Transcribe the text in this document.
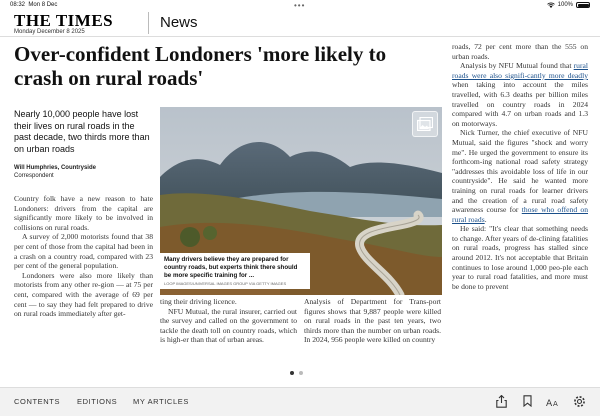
08:32 Mon 8 Dec	•••	100%
THE TIMES
Monday December 8 2025
News
Over-confident Londoners 'more likely to crash on rural roads'
Nearly 10,000 people have lost their lives on rural roads in the past decade, two thirds more than on urban roads
Will Humphries, Countryside
Correspondent

Country folk have a new reason to hate Londoners: drivers from the capital are significantly more likely to be involved in collisions on rural roads.

A survey of 2,000 motorists found that 38 per cent of those from the capital had been in a crash on a country road, compared with 23 per cent of the general population.

Londoners were also more likely than motorists from any other re-gion — at 75 per cent, compared with the average of 69 per cent — to say they had felt prepared to drive on rural roads immediately after get-

Many drivers believe they are prepared for country roads, but experts think there should be more specific training for ...
LOOP IMAGES/UNIVERSAL IMAGES GROUP VIA GETTY IMAGES

ting their driving licence.

NFU Mutual, the rural insurer, carried out the survey and called on the government to tackle the death toll on country roads, which is high-er than that of urban areas.

Analysis of Department for Trans-port figures shows that 9,887 people were killed on rural roads in the past ten years, two thirds more than the number on urban roads. In 2024, 956 people were killed on country

roads, 72 per cent more than the 555 on urban roads.

Analysis by NFU Mutual found that rural roads were also signifi-cantly more deadly when taking into account the miles travelled, with 6.3 deaths per billion miles travelled on country roads in 2024 compared with 4.7 on urban roads and 1.3 on motorways.

Nick Turner, the chief executive of NFU Mutual, said the figures "shock and worry me". He urged the government to ensure its forthcom-ing national road safety strategy "addresses this avoidable loss of life in our countryside". He said he wanted more training on rural roads for learner drivers and the creation of a rural road safety awareness course for those who offend on rural roads.

He said: "It's clear that something needs to change. After years of de-clining fatalities on rural roads, progress has stalled since around 2012. It's not acceptable that Britain continues to lose around 1,000 peo-ple each year to rural road fatalities, and more must be done to prevent

CONTENTS EDITIONS MY ARTICLES	A A
